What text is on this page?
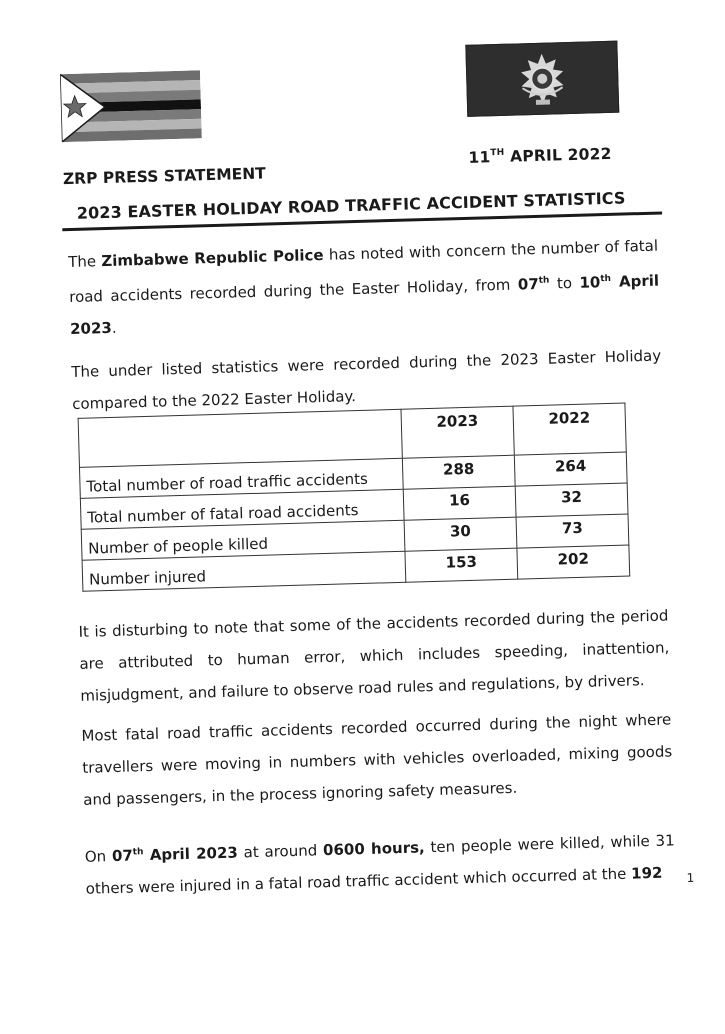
11TH APRIL 2022
ZRP PRESS STATEMENT
2023 EASTER HOLIDAY ROAD TRAFFIC ACCIDENT STATISTICS
The Zimbabwe Republic Police has noted with concern the number of fatal road accidents recorded during the Easter Holiday, from 07th to 10th April 2023.
The under listed statistics were recorded during the 2023 Easter Holiday compared to the 2022 Easter Holiday.
	2023	2022
Total number of road traffic accidents	288	264
Total number of fatal road accidents	16	32
Number of people killed	30	73
Number injured	153	202
It is disturbing to note that some of the accidents recorded during the period are attributed to human error, which includes speeding, inattention, misjudgment, and failure to observe road rules and regulations, by drivers.
Most fatal road traffic accidents recorded occurred during the night where travellers were moving in numbers with vehicles overloaded, mixing goods and passengers, in the process ignoring safety measures.
On 07th April 2023 at around 0600 hours, ten people were killed, while 31 others were injured in a fatal road traffic accident which occurred at the 192	1
